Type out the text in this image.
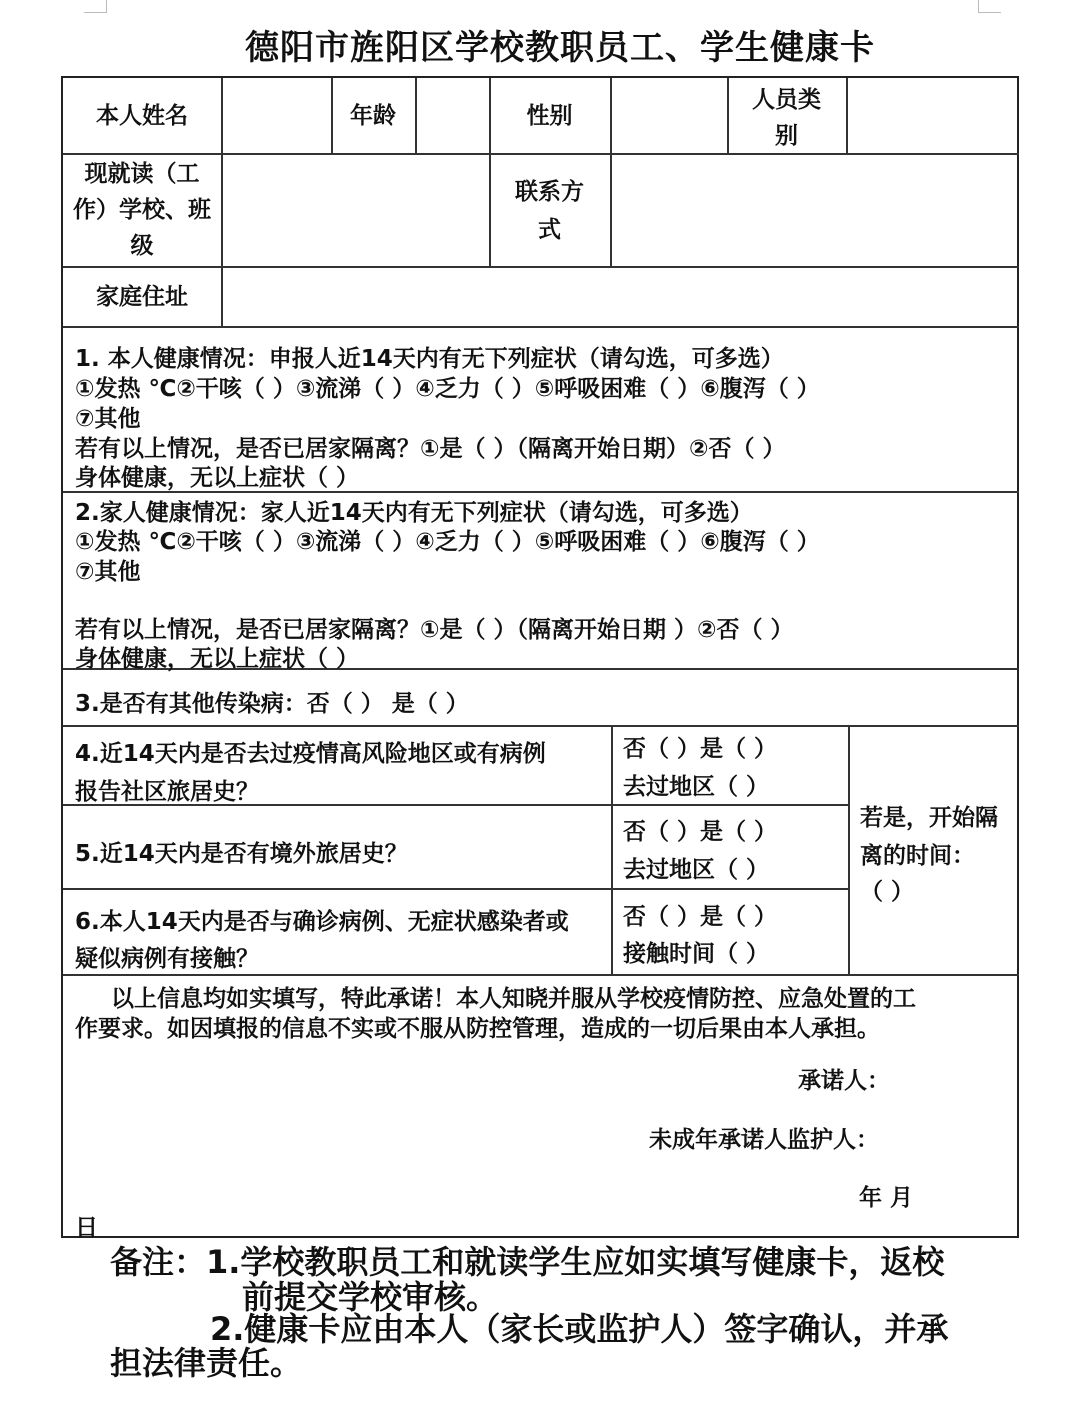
德阳市旌阳区学校教职员工、学生健康卡
本人姓名	年龄	性别
人员类
别
现就读（工
作）学校、班
级
联系方
式
家庭住址
1. 本人健康情况：申报人近14天内有无下列症状（请勾选，可多选）
①发热 ℃②干咳（ ）③流涕（ ）④乏力（ ）⑤呼吸困难（ ）⑥腹泻（ ）
⑦其他
若有以上情况，是否已居家隔离？①是（ ）（隔离开始日期）②否（ ）
身体健康，无以上症状（ ）
2.家人健康情况：家人近14天内有无下列症状（请勾选，可多选）
①发热 ℃②干咳（ ）③流涕（ ）④乏力（ ）⑤呼吸困难（ ）⑥腹泻（ ）
⑦其他
若有以上情况，是否已居家隔离？①是（ ）（隔离开始日期 ）②否（ ）
身体健康，无以上症状（ ）
3.是否有其他传染病：否（ ） 是（ ）
4.近14天内是否去过疫情高风险地区或有病例
报告社区旅居史？
否（ ）是（ ）
去过地区（ ）
5.近14天内是否有境外旅居史？
否（ ）是（ ）
去过地区（ ）
6.本人14天内是否与确诊病例、无症状感染者或
疑似病例有接触？
否（ ）是（ ）
接触时间（ ）
若是，开始隔
离的时间：
（ ）
以上信息均如实填写，特此承诺！本人知晓并服从学校疫情防控、应急处置的工
作要求。如因填报的信息不实或不服从防控管理，造成的一切后果由本人承担。
承诺人：
未成年承诺人监护人：
年 月
日
备注：1.学校教职员工和就读学生应如实填写健康卡，返校
前提交学校审核。
2.健康卡应由本人（家长或监护人）签字确认，并承
担法律责任。
